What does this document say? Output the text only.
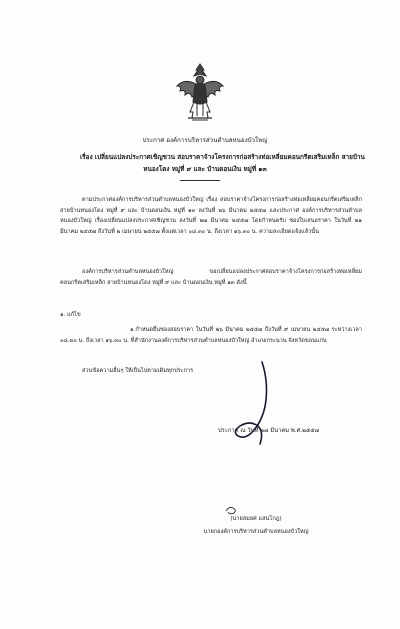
ประกาศ องค์การบริหารส่วนตำบลหนองบัวใหญ่
เรื่อง เปลี่ยนแปลงประกาศเชิญชวน สอบราคาจ้างโครงการก่อสร้างท่อเหลี่ยมคอนกรีตเสริมเหล็ก สายบ้าน
หนองโดง หมู่ที่ ๙ และ บ้านดอนเงิน หมู่ที่ ๑๓
ตามประกาศองค์การบริหารส่วนตำบลหนองบัวใหญ่ เรื่อง สอบราคาจ้างโครงการก่อสร้างท่อเหลี่ยมคอนกรีตเสริมเหล็ก สายบ้านหนองโดง หมู่ที่ ๙ และ บ้านดอนเงิน หมู่ที่ ๑๓ ลงวันที่ ๒๖ มีนาคม ๒๕๕๗ และประกาศ องค์การบริหารส่วนตำบลหนองบัวใหญ่ เรื่องเปลี่ยนแปลงประกาศเชิญชวน ลงวันที่ ๒๗ มีนาคม ๒๕๕๗ โดยกำหนดรับ ซองใบเสนอราคา ในวันที่ ๒๑ มีนาคม ๒๕๕๗ ถึงวันที่ ๒ เมษายน ๒๕๕๗ ตั้งแต่เวลา ๐๘.๓๐ น. ถึงเวลา ๑๖.๓๐ น. ความละเอียดแจ้งแล้วนั้น
องค์การบริหารส่วนตำบลหนองบัวใหญ่ ขอเปลี่ยนแปลงประกาศสอบราคาจ้างโครงการก่อสร้างท่อเหลี่ยมคอนกรีตเสริมเหล็ก สายบ้านหนองโดง หมู่ที่ ๙ และ บ้านดอนเงิน หมู่ที่ ๑๓ ดังนี้
๑. แก้ไข
๑.กำหนดยื่นซองสอบราคา ในวันที่ ๒๖ มีนาคม ๒๕๕๗ ถึงวันที่ ๙ เมษายน ๒๕๕๗ ระหว่างเวลา ๐๘.๓๐ น. ถึงเวลา ๑๖.๓๐ น. ที่สำนักงานองค์การบริหารส่วนตำบลหนองบัวใหญ่ อำเภอกระนวน จังหวัดขอนแก่น
ส่วนข้อความอื่นๆ ให้เป็นไปตามเดิมทุกประการ
ประกาศ ณ วันที่ ๒๗ มีนาคม พ.ศ.๒๕๕๗
(นายสมยศ แสนโกฎ)
นายกองค์การบริหารส่วนตำบลหนองบัวใหญ่
